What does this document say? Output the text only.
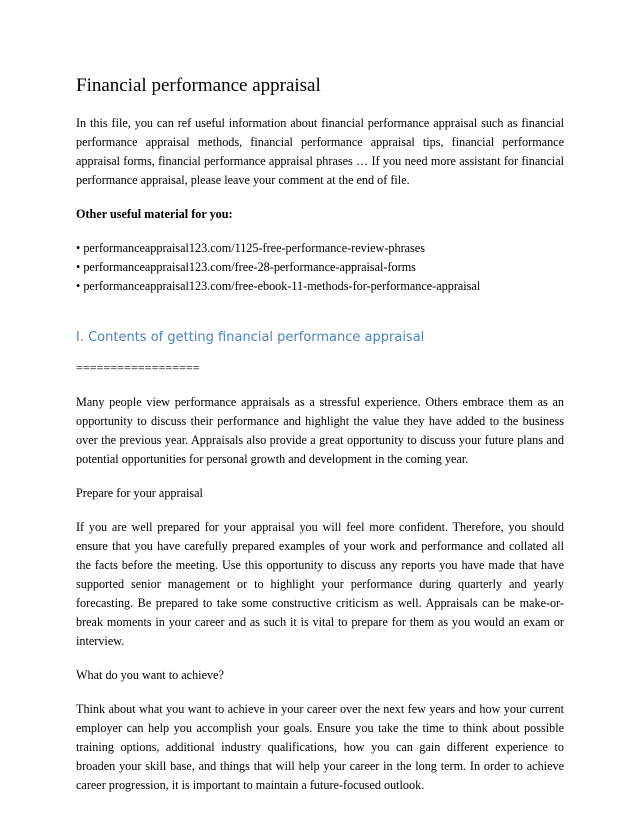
Financial performance appraisal

In this file, you can ref useful information about financial performance appraisal such as financial performance appraisal methods, financial performance appraisal tips, financial performance appraisal forms, financial performance appraisal phrases … If you need more assistant for financial performance appraisal, please leave your comment at the end of file.

Other useful material for you:

• performanceappraisal123.com/1125-free-performance-review-phrases
• performanceappraisal123.com/free-28-performance-appraisal-forms
• performanceappraisal123.com/free-ebook-11-methods-for-performance-appraisal
I. Contents of getting financial performance appraisal

==================

Many people view performance appraisals as a stressful experience. Others embrace them as an opportunity to discuss their performance and highlight the value they have added to the business over the previous year. Appraisals also provide a great opportunity to discuss your future plans and potential opportunities for personal growth and development in the coming year.

Prepare for your appraisal

If you are well prepared for your appraisal you will feel more confident. Therefore, you should ensure that you have carefully prepared examples of your work and performance and collated all the facts before the meeting. Use this opportunity to discuss any reports you have made that have supported senior management or to highlight your performance during quarterly and yearly forecasting. Be prepared to take some constructive criticism as well. Appraisals can be make-or-break moments in your career and as such it is vital to prepare for them as you would an exam or interview.

What do you want to achieve?

Think about what you want to achieve in your career over the next few years and how your current employer can help you accomplish your goals. Ensure you take the time to think about possible training options, additional industry qualifications, how you can gain different experience to broaden your skill base, and things that will help your career in the long term. In order to achieve career progression, it is important to maintain a future-focused outlook.
